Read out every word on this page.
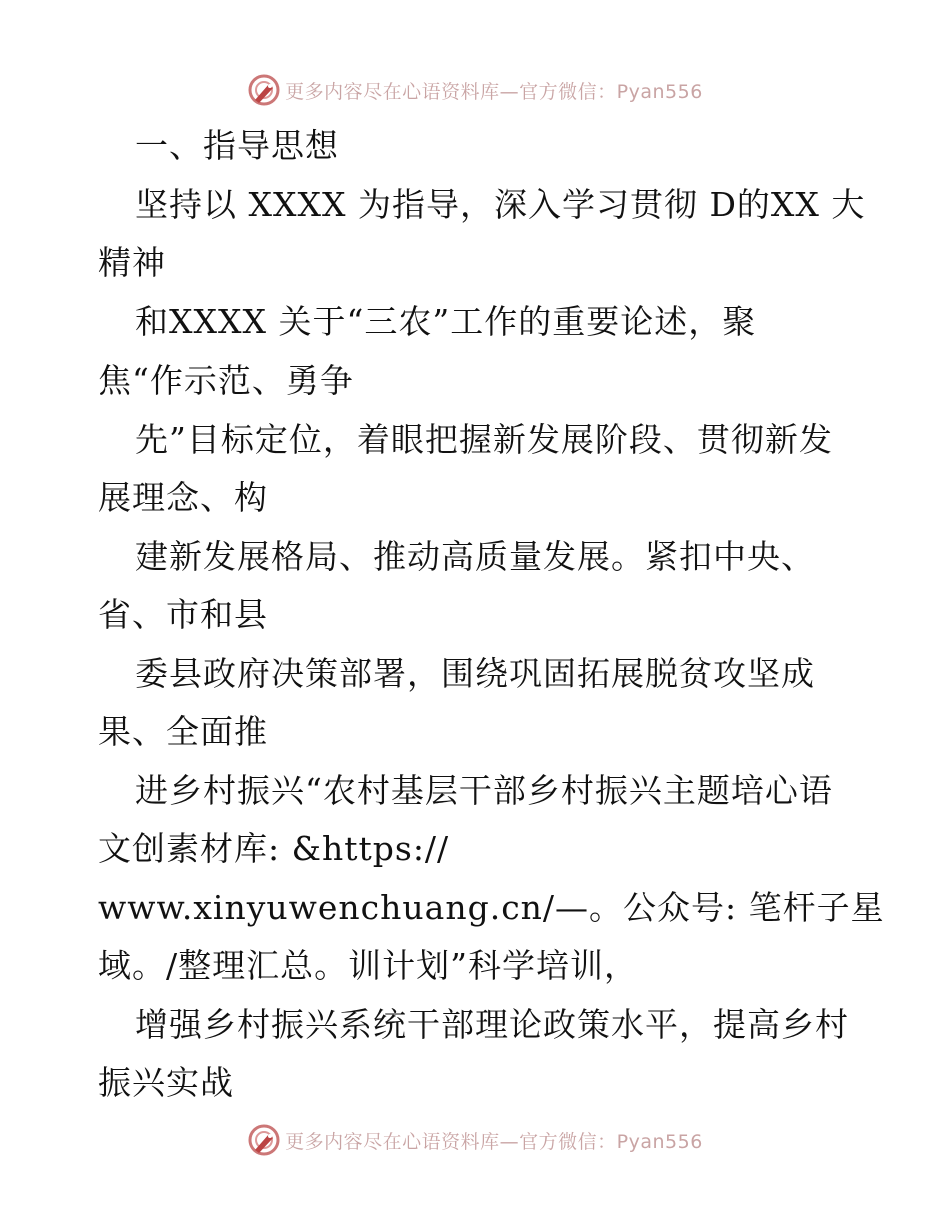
更多内容尽在心语资料库—官方微信：Pyan556
一、指导思想
坚持以 XXXX 为指导，深入学习贯彻 D的XX 大
精神
和XXXX 关于“三农”工作的重要论述，聚
焦“作示范、勇争
先”目标定位，着眼把握新发展阶段、贯彻新发
展理念、构
建新发展格局、推动高质量发展。紧扣中央、
省、市和县
委县政府决策部署，围绕巩固拓展脱贫攻坚成
果、全面推
进乡村振兴“农村基层干部乡村振兴主题培心语
文创素材库: &https://
www.xinyuwenchuang.cn/—。公众号: 笔杆子星
域。/整理汇总。训计划”科学培训，
增强乡村振兴系统干部理论政策水平，提高乡村
振兴实战
更多内容尽在心语资料库—官方微信：Pyan556
